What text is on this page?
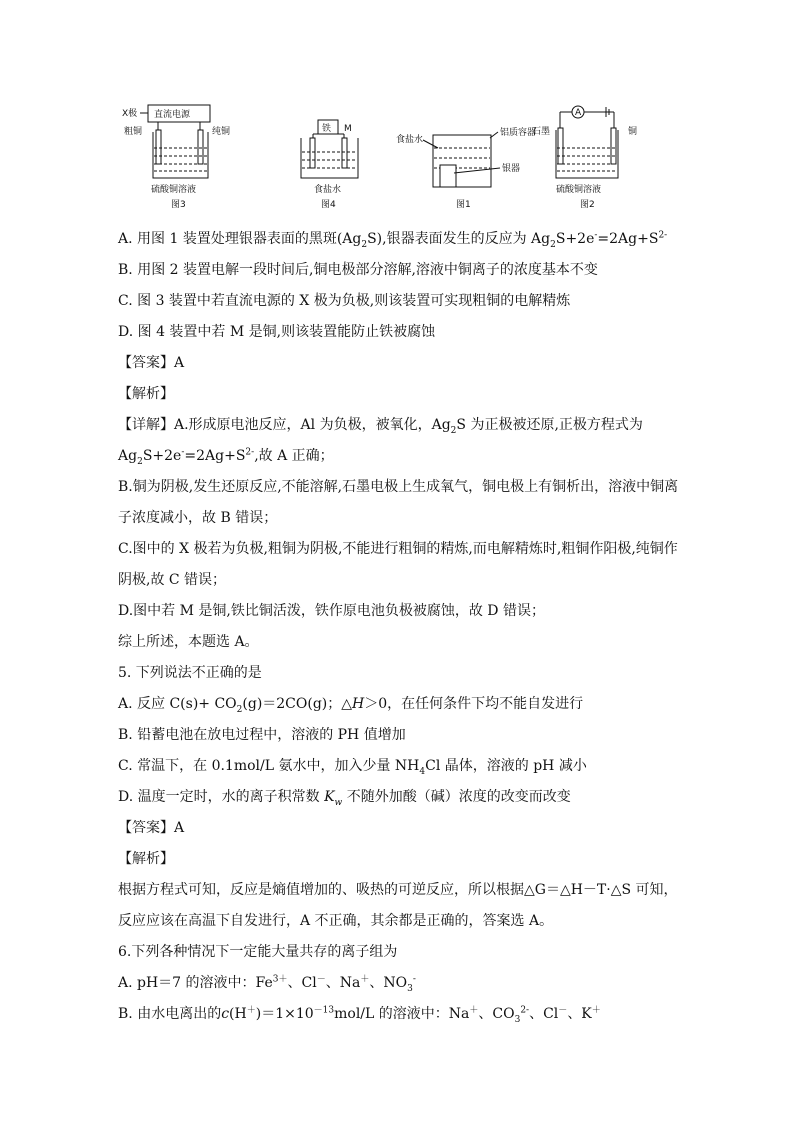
X极 直流电源
粗铜	纯铜
硫酸铜溶液
图3
铁 M
食盐水
图4
食盐水
铝质容器
银器
图1
A
石墨	铜
硫酸铜溶液
图2
A. 用图 1 装置处理银器表面的黑斑$(Ag_2S)$,银器表面发生的反应为 $Ag_2S+2e^-=2Ag+S^{2-}$
B. 用图 2 装置电解一段时间后,铜电极部分溶解,溶液中铜离子的浓度基本不变
C. 图 3 装置中若直流电源的 X 极为负极,则该装置可实现粗铜的电解精炼
D. 图 4 装置中若 M 是铜,则该装置能防止铁被腐蚀
【答案】A
【解析】
【详解】A.形成原电池反应，Al 为负极，被氧化，$Ag_2S$ 为正极被还原,正极方程式为
$Ag_2S+2e^-=2Ag+S^{2-}$,故 A 正确；
B.铜为阴极,发生还原反应,不能溶解,石墨电极上生成氧气，铜电极上有铜析出，溶液中铜离
子浓度减小，故 B 错误；
C.图中的 X 极若为负极,粗铜为阴极,不能进行粗铜的精炼,而电解精炼时,粗铜作阳极,纯铜作
阴极,故 C 错误；
D.图中若 M 是铜,铁比铜活泼，铁作原电池负极被腐蚀，故 D 错误；
综上所述，本题选 A。
5. 下列说法不正确的是
A. 反应 $C(s)+ CO_2(g)=2CO(g)$；△H＞0，在任何条件下均不能自发进行
B. 铅蓄电池在放电过程中，溶液的 PH 值增加
C. 常温下，在 0.1mol/L 氨水中，加入少量 $NH_4Cl$ 晶体，溶液的 pH 减小
D. 温度一定时，水的离子积常数 $K_w$ 不随外加酸（碱）浓度的改变而改变
【答案】A
【解析】
根据方程式可知，反应是熵值增加的、吸热的可逆反应，所以根据△G＝△H－T·△S 可知，
反应应该在高温下自发进行，A 不正确，其余都是正确的，答案选 A。
6.下列各种情况下一定能大量共存的离子组为
A. pH＝7 的溶液中：$Fe^{3+}$、Cl－、Na＋、$NO_3^-$
B. 由水电离出的$c(H^+)=1\times 10^{-13}mol/L$ 的溶液中：Na＋、$CO_3^{2-}$、Cl－、K＋
